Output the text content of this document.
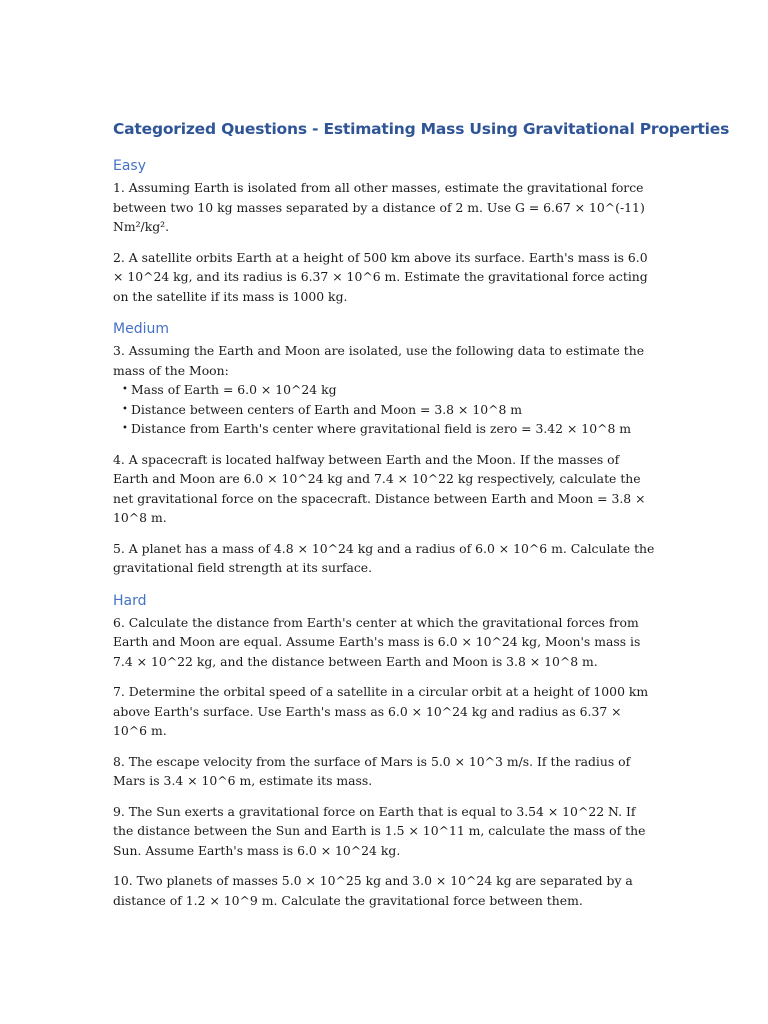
Categorized Questions - Estimating Mass Using Gravitational Properties
Easy

1. Assuming Earth is isolated from all other masses, estimate the gravitational force between two 10 kg masses separated by a distance of 2 m. Use G = 6.67 × 10^(-11) Nm²/kg².

2. A satellite orbits Earth at a height of 500 km above its surface. Earth's mass is 6.0 × 10^24 kg, and its radius is 6.37 × 10^6 m. Estimate the gravitational force acting on the satellite if its mass is 1000 kg.

Medium
3. Assuming the Earth and Moon are isolated, use the following data to estimate the mass of the Moon:
• Mass of Earth = 6.0 × 10^24 kg
• Distance between centers of Earth and Moon = 3.8 × 10^8 m
• Distance from Earth's center where gravitational field is zero = 3.42 × 10^8 m

4. A spacecraft is located halfway between Earth and the Moon. If the masses of Earth and Moon are 6.0 × 10^24 kg and 7.4 × 10^22 kg respectively, calculate the net gravitational force on the spacecraft. Distance between Earth and Moon = 3.8 × 10^8 m.

5. A planet has a mass of 4.8 × 10^24 kg and a radius of 6.0 × 10^6 m. Calculate the gravitational field strength at its surface.

Hard

6. Calculate the distance from Earth's center at which the gravitational forces from Earth and Moon are equal. Assume Earth's mass is 6.0 × 10^24 kg, Moon's mass is 7.4 × 10^22 kg, and the distance between Earth and Moon is 3.8 × 10^8 m.

7. Determine the orbital speed of a satellite in a circular orbit at a height of 1000 km above Earth's surface. Use Earth's mass as 6.0 × 10^24 kg and radius as 6.37 × 10^6 m.

8. The escape velocity from the surface of Mars is 5.0 × 10^3 m/s. If the radius of Mars is 3.4 × 10^6 m, estimate its mass.

9. The Sun exerts a gravitational force on Earth that is equal to 3.54 × 10^22 N. If the distance between the Sun and Earth is 1.5 × 10^11 m, calculate the mass of the Sun. Assume Earth's mass is 6.0 × 10^24 kg.

10. Two planets of masses 5.0 × 10^25 kg and 3.0 × 10^24 kg are separated by a distance of 1.2 × 10^9 m. Calculate the gravitational force between them.
